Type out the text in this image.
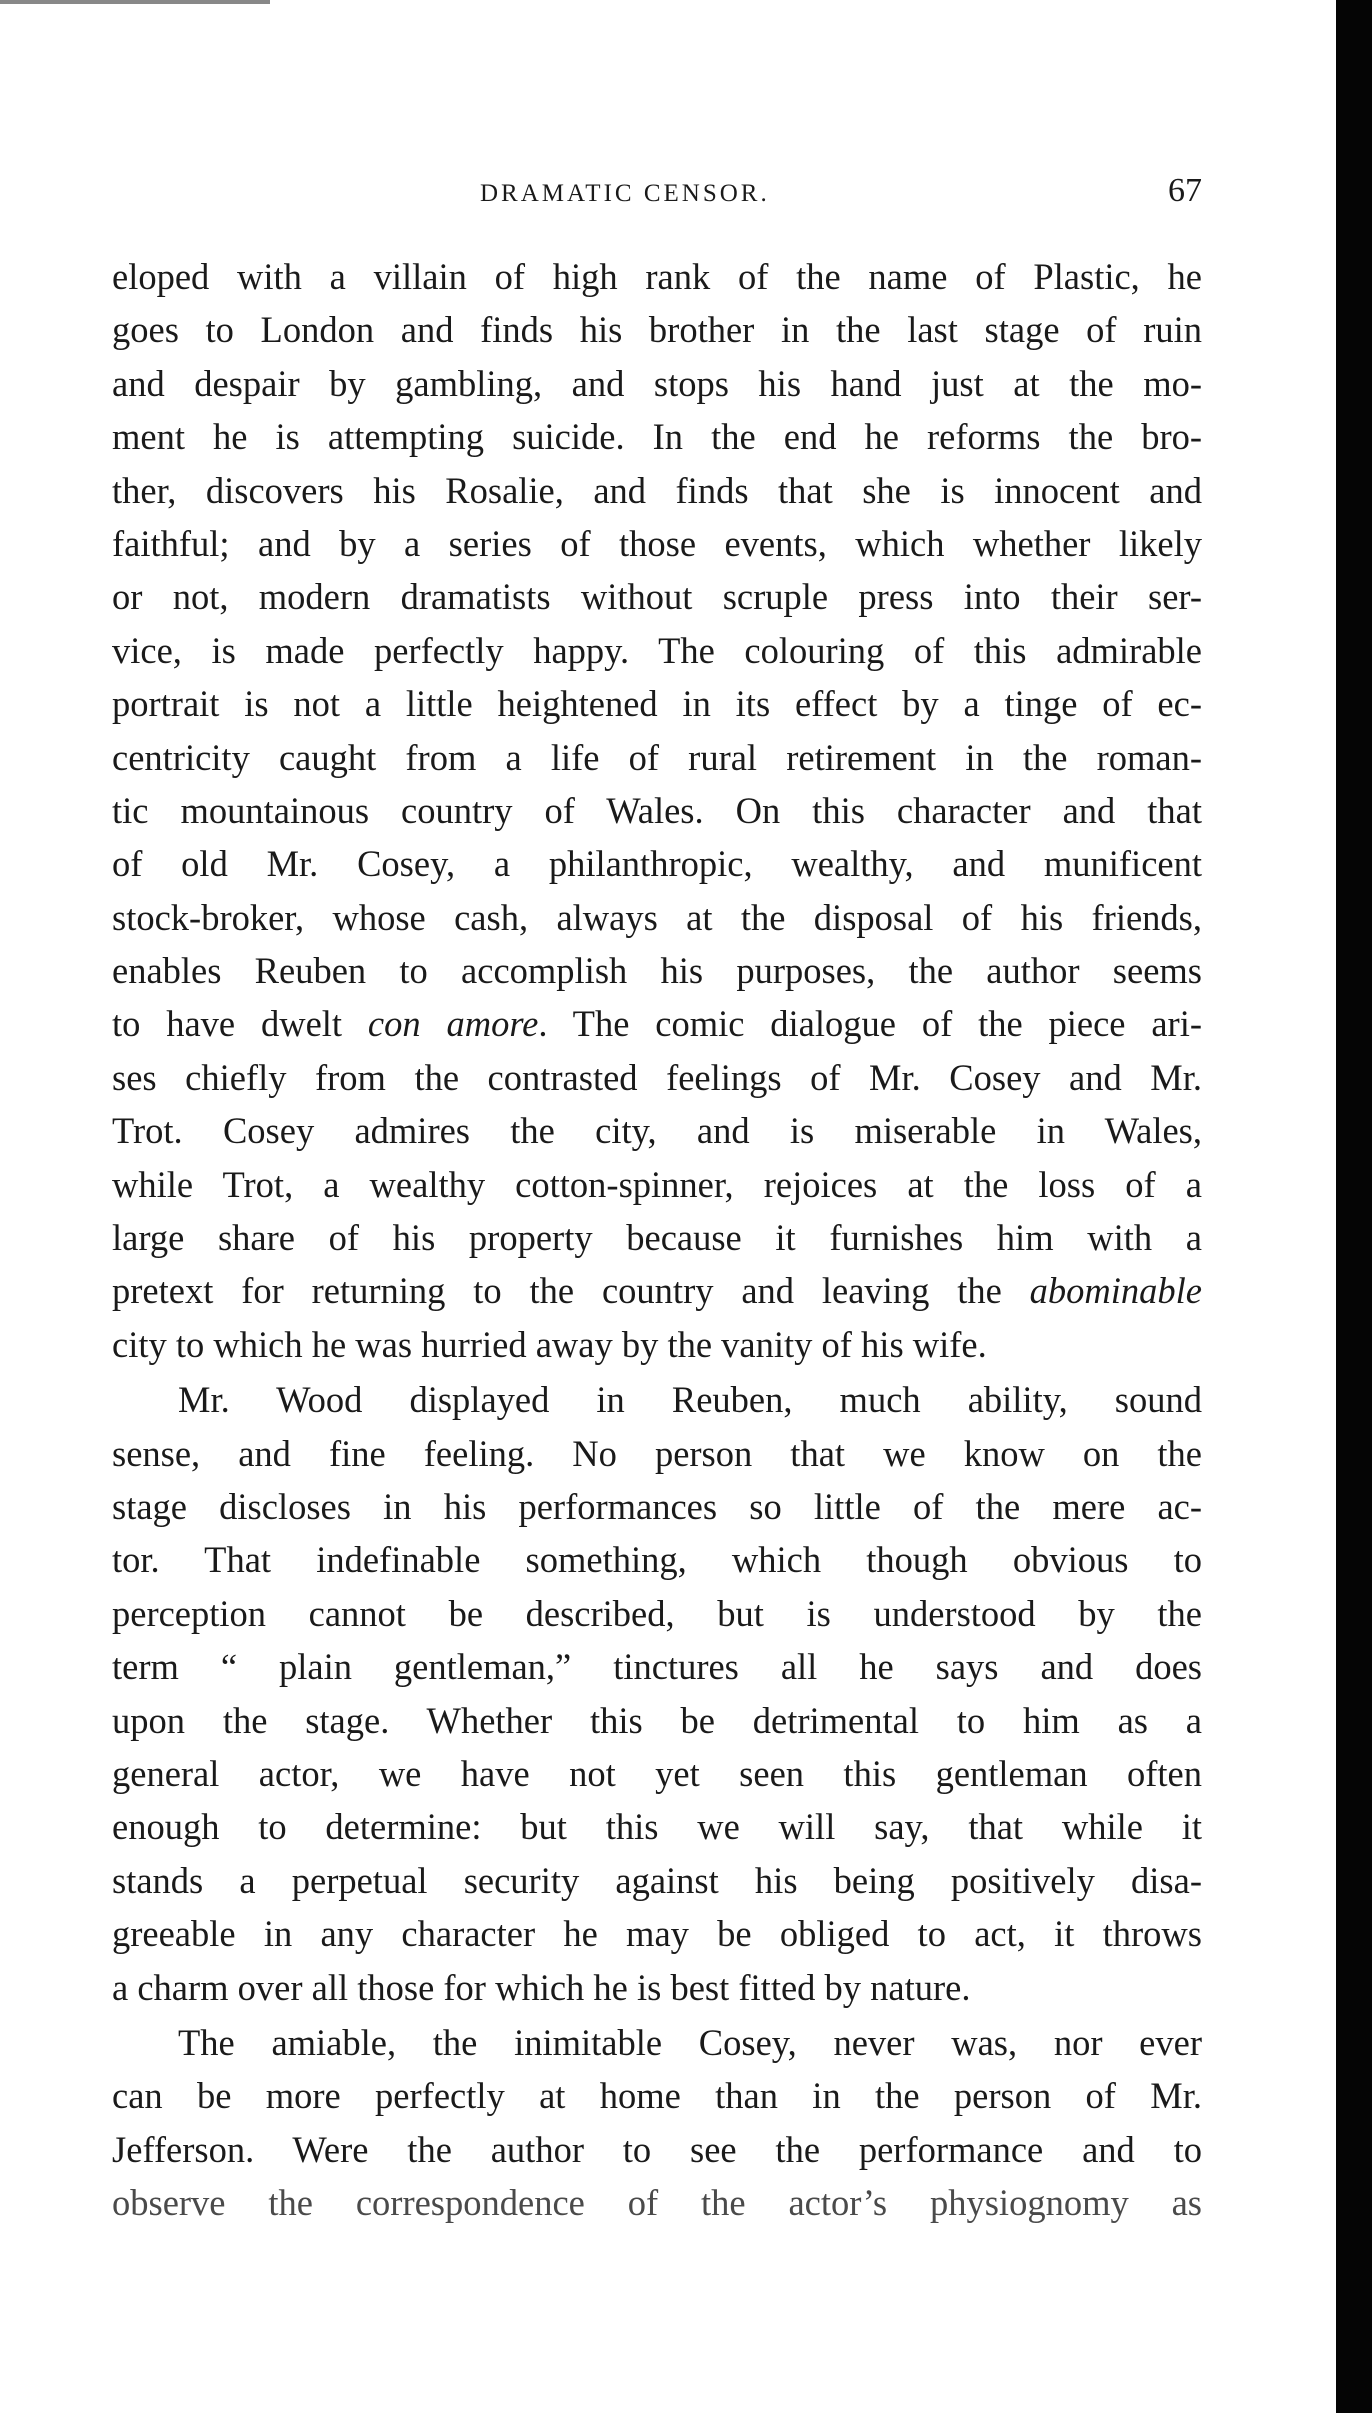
DRAMATIC CENSOR.	67
eloped with a villain of high rank of the name of Plastic, he
goes to London and finds his brother in the last stage of ruin
and despair by gambling, and stops his hand just at the mo-
ment he is attempting suicide. In the end he reforms the bro-
ther, discovers his Rosalie, and finds that she is innocent and
faithful; and by a series of those events, which whether likely
or not, modern dramatists without scruple press into their ser-
vice, is made perfectly happy. The colouring of this admirable
portrait is not a little heightened in its effect by a tinge of ec-
centricity caught from a life of rural retirement in the roman-
tic mountainous country of Wales. On this character and that
of old Mr. Cosey, a philanthropic, wealthy, and munificent
stock-broker, whose cash, always at the disposal of his friends,
enables Reuben to accomplish his purposes, the author seems
to have dwelt con amore. The comic dialogue of the piece ari-
ses chiefly from the contrasted feelings of Mr. Cosey and Mr.
Trot. Cosey admires the city, and is miserable in Wales,
while Trot, a wealthy cotton-spinner, rejoices at the loss of a
large share of his property because it furnishes him with a
pretext for returning to the country and leaving the abominable
city to which he was hurried away by the vanity of his wife.
Mr. Wood displayed in Reuben, much ability, sound
sense, and fine feeling. No person that we know on the
stage discloses in his performances so little of the mere ac-
tor. That indefinable something, which though obvious to
perception cannot be described, but is understood by the
term “ plain gentleman,” tinctures all he says and does
upon the stage. Whether this be detrimental to him as a
general actor, we have not yet seen this gentleman often
enough to determine: but this we will say, that while it
stands a perpetual security against his being positively disa-
greeable in any character he may be obliged to act, it throws
a charm over all those for which he is best fitted by nature.
The amiable, the inimitable Cosey, never was, nor ever
can be more perfectly at home than in the person of Mr.
Jefferson. Were the author to see the performance and to
observe the correspondence of the actor’s physiognomy as
